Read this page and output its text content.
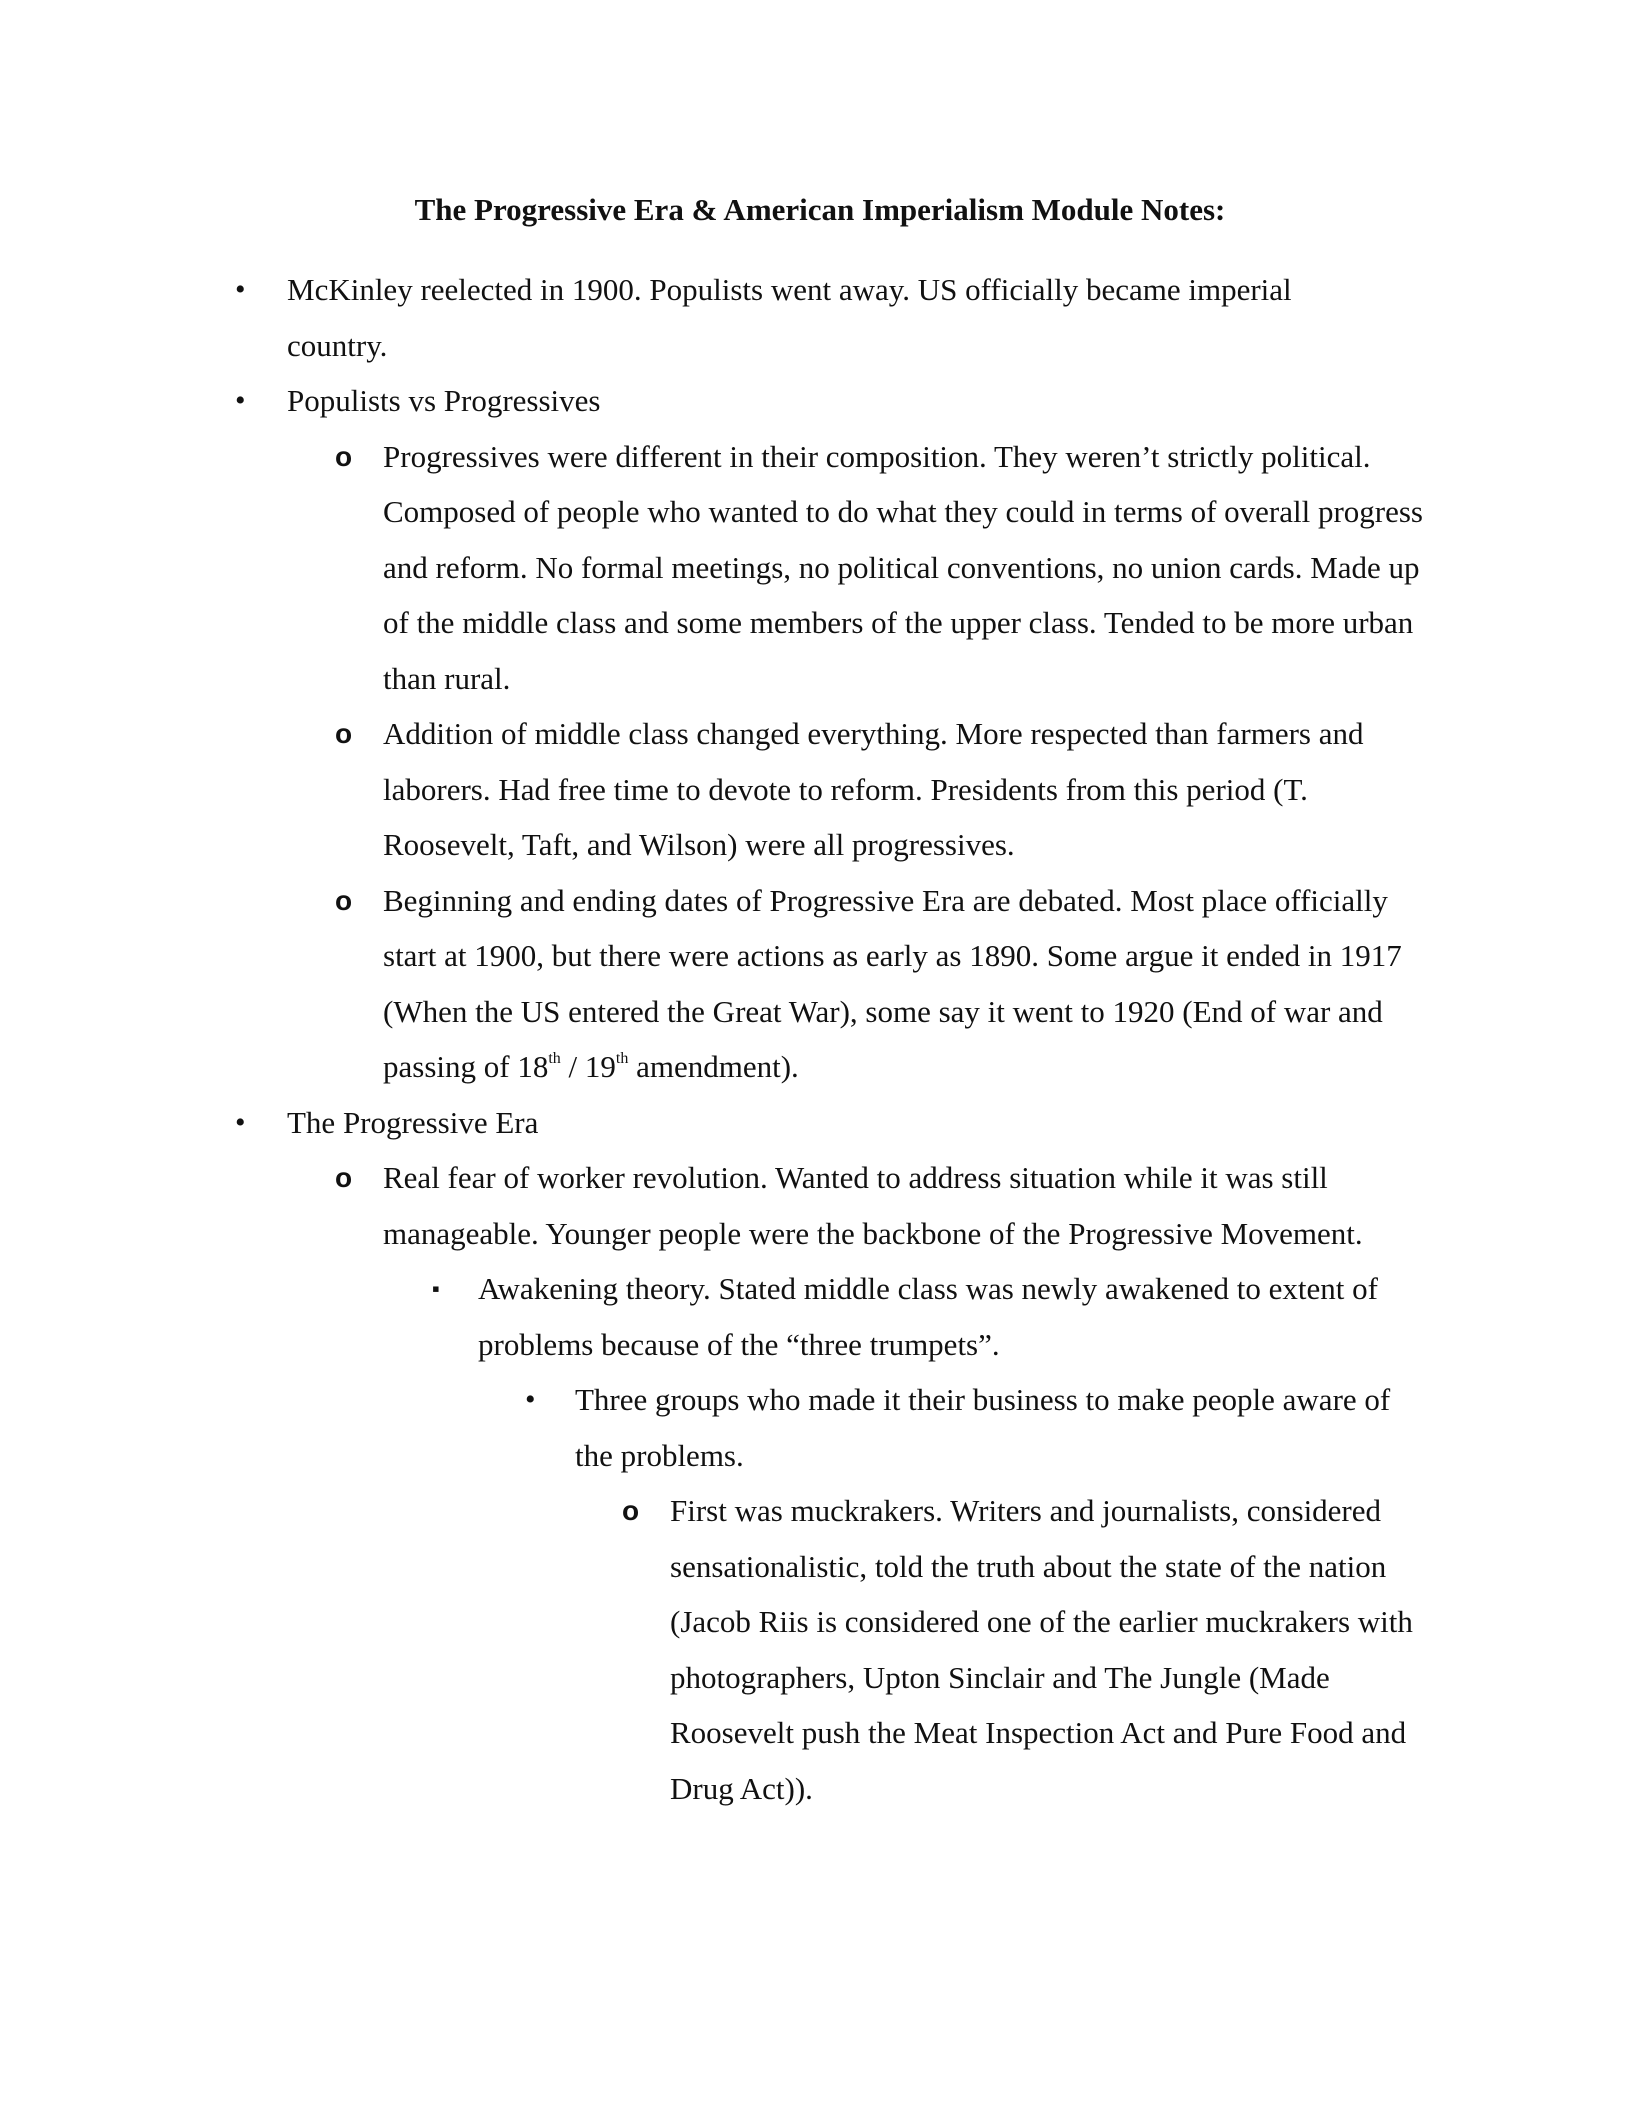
The Progressive Era & American Imperialism Module Notes:
• McKinley reelected in 1900. Populists went away. US officially became imperial country.
• Populists vs Progressives
o Progressives were different in their composition. They weren’t strictly political. Composed of people who wanted to do what they could in terms of overall progress and reform. No formal meetings, no political conventions, no union cards. Made up of the middle class and some members of the upper class. Tended to be more urban than rural.
o Addition of middle class changed everything. More respected than farmers and laborers. Had free time to devote to reform. Presidents from this period (T. Roosevelt, Taft, and Wilson) were all progressives.
o Beginning and ending dates of Progressive Era are debated. Most place officially start at 1900, but there were actions as early as 1890. Some argue it ended in 1917 (When the US entered the Great War), some say it went to 1920 (End of war and passing of 18th / 19th amendment).
• The Progressive Era
o Real fear of worker revolution. Wanted to address situation while it was still manageable. Younger people were the backbone of the Progressive Movement.
▪ Awakening theory. Stated middle class was newly awakened to extent of problems because of the “three trumpets”.
• Three groups who made it their business to make people aware of the problems.
o First was muckrakers. Writers and journalists, considered sensationalistic, told the truth about the state of the nation (Jacob Riis is considered one of the earlier muckrakers with photographers, Upton Sinclair and The Jungle (Made Roosevelt push the Meat Inspection Act and Pure Food and Drug Act)).
